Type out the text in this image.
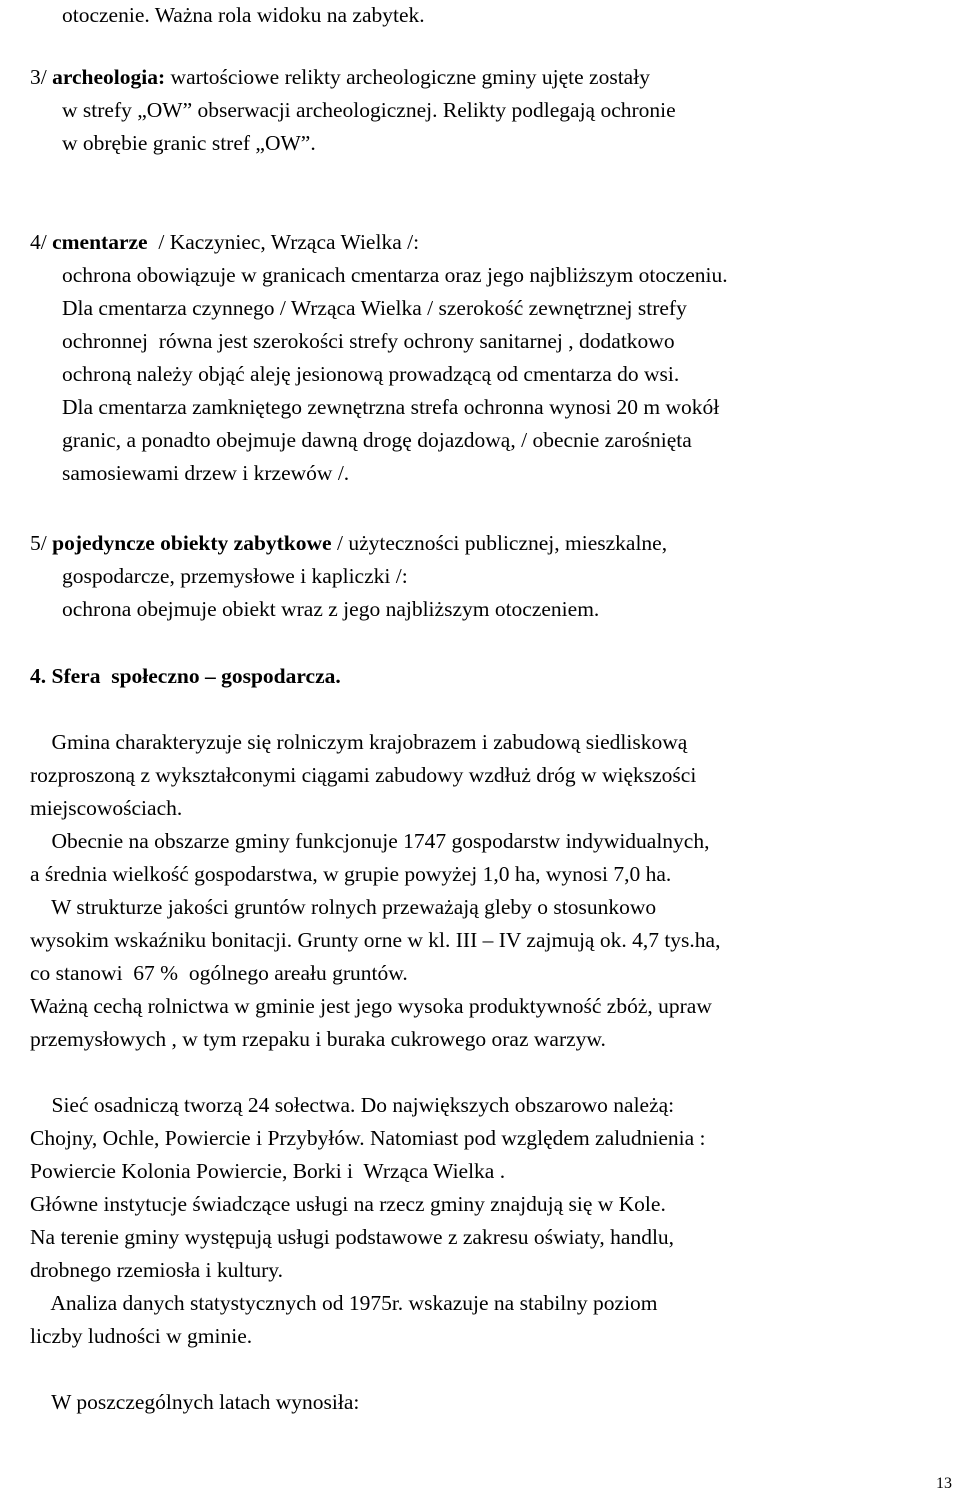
otoczenie. Ważna rola widoku na zabytek.
3/ archeologia: wartościowe relikty archeologiczne gminy ujęte zostały
w strefy „OW” obserwacji archeologicznej. Relikty podlegają ochronie
w obrębie granic stref „OW”.
4/ cmentarze  / Kaczyniec, Wrząca Wielka /:
ochrona obowiązuje w granicach cmentarza oraz jego najbliższym otoczeniu.
Dla cmentarza czynnego / Wrząca Wielka / szerokość zewnętrznej strefy
ochronnej  równa jest szerokości strefy ochrony sanitarnej , dodatkowo
ochroną należy objąć aleję jesionową prowadzącą od cmentarza do wsi.
Dla cmentarza zamkniętego zewnętrzna strefa ochronna wynosi 20 m wokół
granic, a ponadto obejmuje dawną drogę dojazdową, / obecnie zarośnięta
samosiewami drzew i krzewów /.
5/ pojedyncze obiekty zabytkowe / użyteczności publicznej, mieszkalne,
gospodarcze, przemysłowe i kapliczki /:
ochrona obejmuje obiekt wraz z jego najbliższym otoczeniem.
4. Sfera  społeczno – gospodarcza.
Gmina charakteryzuje się rolniczym krajobrazem i zabudową siedliskową
rozproszoną z wykształconymi ciągami zabudowy wzdłuż dróg w większości
miejscowościach.
Obecnie na obszarze gminy funkcjonuje 1747 gospodarstw indywidualnych,
a średnia wielkość gospodarstwa, w grupie powyżej 1,0 ha, wynosi 7,0 ha.
W strukturze jakości gruntów rolnych przeważają gleby o stosunkowo
wysokim wskaźniku bonitacji. Grunty orne w kl. III – IV zajmują ok. 4,7 tys.ha,
co stanowi  67 %  ogólnego areału gruntów.
Ważną cechą rolnictwa w gminie jest jego wysoka produktywność zbóż, upraw
przemysłowych , w tym rzepaku i buraka cukrowego oraz warzyw.
Sieć osadniczą tworzą 24 sołectwa. Do największych obszarowo należą:
Chojny, Ochle, Powiercie i Przybyłów. Natomiast pod względem zaludnienia :
Powiercie Kolonia Powiercie, Borki i  Wrząca Wielka .
Główne instytucje świadczące usługi na rzecz gminy znajdują się w Kole.
Na terenie gminy występują usługi podstawowe z zakresu oświaty, handlu,
drobnego rzemiosła i kultury.
Analiza danych statystycznych od 1975r. wskazuje na stabilny poziom
liczby ludności w gminie.
W poszczególnych latach wynosiła:
13
